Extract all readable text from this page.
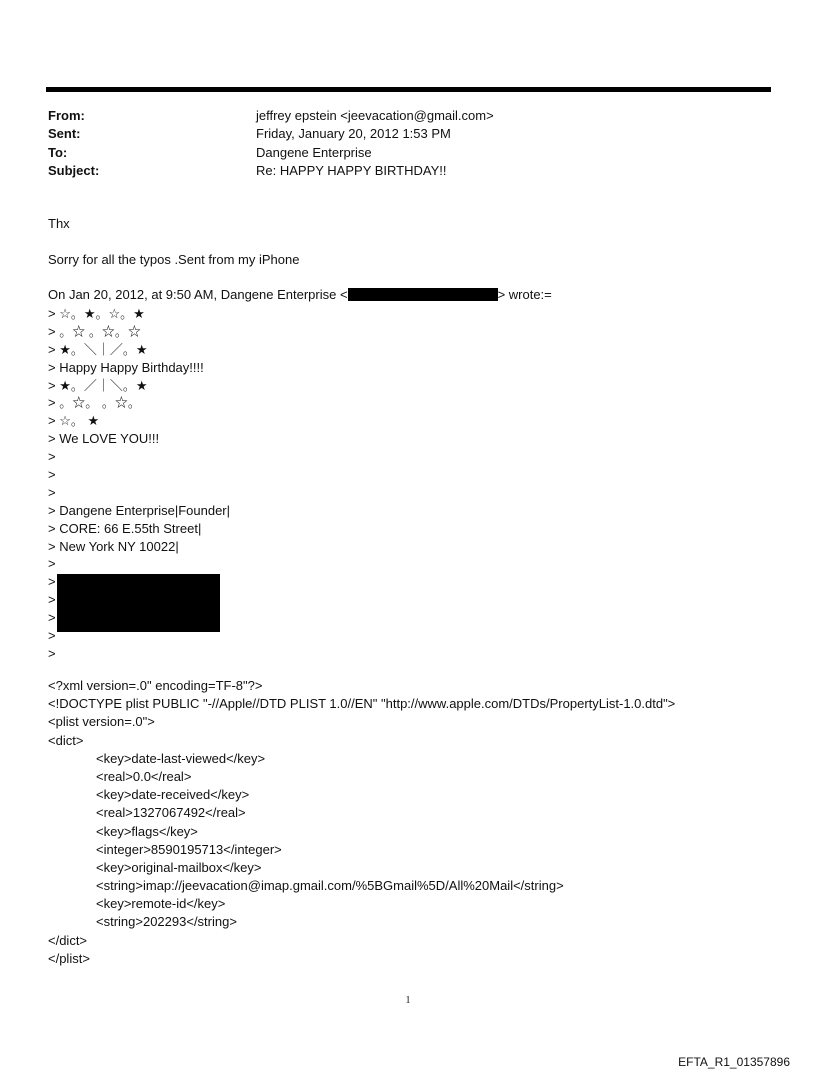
From:	jeffrey epstein <jeevacation@gmail.com>
Sent:	Friday, January 20, 2012 1:53 PM
To:	Dangene Enterprise
Subject:	Re: HAPPY HAPPY BIRTHDAY!!
Thx
Sorry for all the typos .Sent from my iPhone
On Jan 20, 2012, at 9:50 AM, Dangene Enterprise <	> wrote:=
> ☆。★。☆。★
> 。☆ 。☆。☆
> ★。＼｜／。★
> Happy Happy Birthday!!!!
> ★。／｜＼。★
> 。☆。 。☆。
> ☆。 ★
> We LOVE YOU!!!
>
>
>
> Dangene Enterprise|Founder|
> CORE: 66 E.55th Street|
> New York NY 10022|
>
>
>
>
>
>
<?xml version=.0" encoding=TF-8"?>
<!DOCTYPE plist PUBLIC "-//Apple//DTD PLIST 1.0//EN" "http://www.apple.com/DTDs/PropertyList-1.0.dtd">
<plist version=.0">
<dict>
<key>date-last-viewed</key>
<real>0.0</real>
<key>date-received</key>
<real>1327067492</real>
<key>flags</key>
<integer>8590195713</integer>
<key>original-mailbox</key>
<string>imap://jeevacation@imap.gmail.com/%5BGmail%5D/All%20Mail</string>
<key>remote-id</key>
<string>202293</string>
</dict>
</plist>
1
EFTA_R1_01357896
